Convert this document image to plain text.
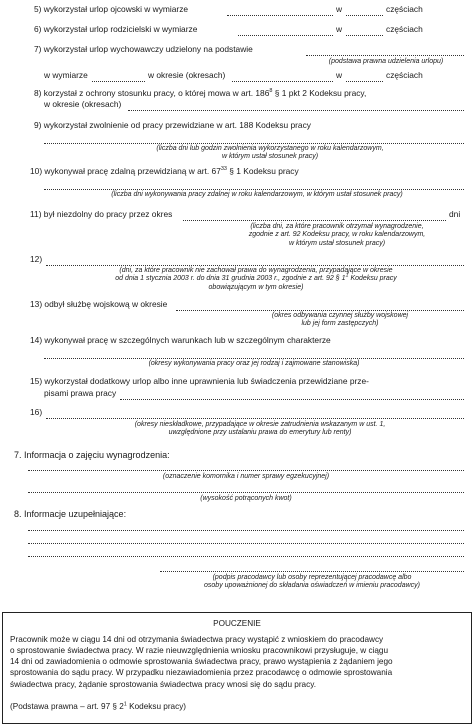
5) wykorzystał urlop ojcowski w wymiarze	w	częściach
6) wykorzystał urlop rodzicielski w wymiarze	w	częściach
7) wykorzystał urlop wychowawczy udzielony na podstawie
(podstawa prawna udzielenia urlopu)
w wymiarze	w okresie (okresach)	w	częściach
8) korzystał z ochrony stosunku pracy, o której mowa w art. $186^8$ § 1 pkt 2 Kodeksu pracy,
w okresie (okresach)
9) wykorzystał zwolnienie od pracy przewidziane w art. 188 Kodeksu pracy
(liczba dni lub godzin zwolnienia wykorzystanego w roku kalendarzowym,
w którym ustał stosunek pracy)
10) wykonywał pracę zdalną przewidzianą w art. $67^{33}$ § 1 Kodeksu pracy
(liczba dni wykonywania pracy zdalnej w roku kalendarzowym, w którym ustał stosunek pracy)
11) był niezdolny do pracy przez okres	dni
(liczba dni, za które pracownik otrzymał wynagrodzenie,
zgodnie z art. 92 Kodeksu pracy, w roku kalendarzowym,
w którym ustał stosunek pracy)
12)
(dni, za które pracownik nie zachował prawa do wynagrodzenia, przypadające w okresie
od dnia 1 stycznia 2003 r. do dnia 31 grudnia 2003 r., zgodnie z art. 92 § $1^1$ Kodeksu pracy
obowiązującym w tym okresie)
13) odbył służbę wojskową w okresie
(okres odbywania czynnej służby wojskowej
lub jej form zastępczych)
14) wykonywał pracę w szczególnych warunkach lub w szczególnym charakterze
(okresy wykonywania pracy oraz jej rodzaj i zajmowane stanowiska)
15) wykorzystał dodatkowy urlop albo inne uprawnienia lub świadczenia przewidziane prze-
pisami prawa pracy
16)
(okresy nieskładkowe, przypadające w okresie zatrudnienia wskazanym w ust. 1,
uwzględnione przy ustalaniu prawa do emerytury lub renty)
7. Informacja o zajęciu wynagrodzenia:
(oznaczenie komornika i numer sprawy egzekucyjnej)
(wysokość potrąconych kwot)
8. Informacje uzupełniające:
(podpis pracodawcy lub osoby reprezentującej pracodawcę albo
osoby upoważnionej do składania oświadczeń w imieniu pracodawcy)
POUCZENIE
Pracownik może w ciągu 14 dni od otrzymania świadectwa pracy wystąpić z wnioskiem do pracodawcy
o sprostowanie świadectwa pracy. W razie nieuwzględnienia wniosku pracownikowi przysługuje, w ciągu
14 dni od zawiadomienia o odmowie sprostowania świadectwa pracy, prawo wystąpienia z żądaniem jego
sprostowania do sądu pracy. W przypadku niezawiadomienia przez pracodawcę o odmowie sprostowania
świadectwa pracy, żądanie sprostowania świadectwa pracy wnosi się do sądu pracy.
(Podstawa prawna – art. 97 § $2^1$ Kodeksu pracy)
